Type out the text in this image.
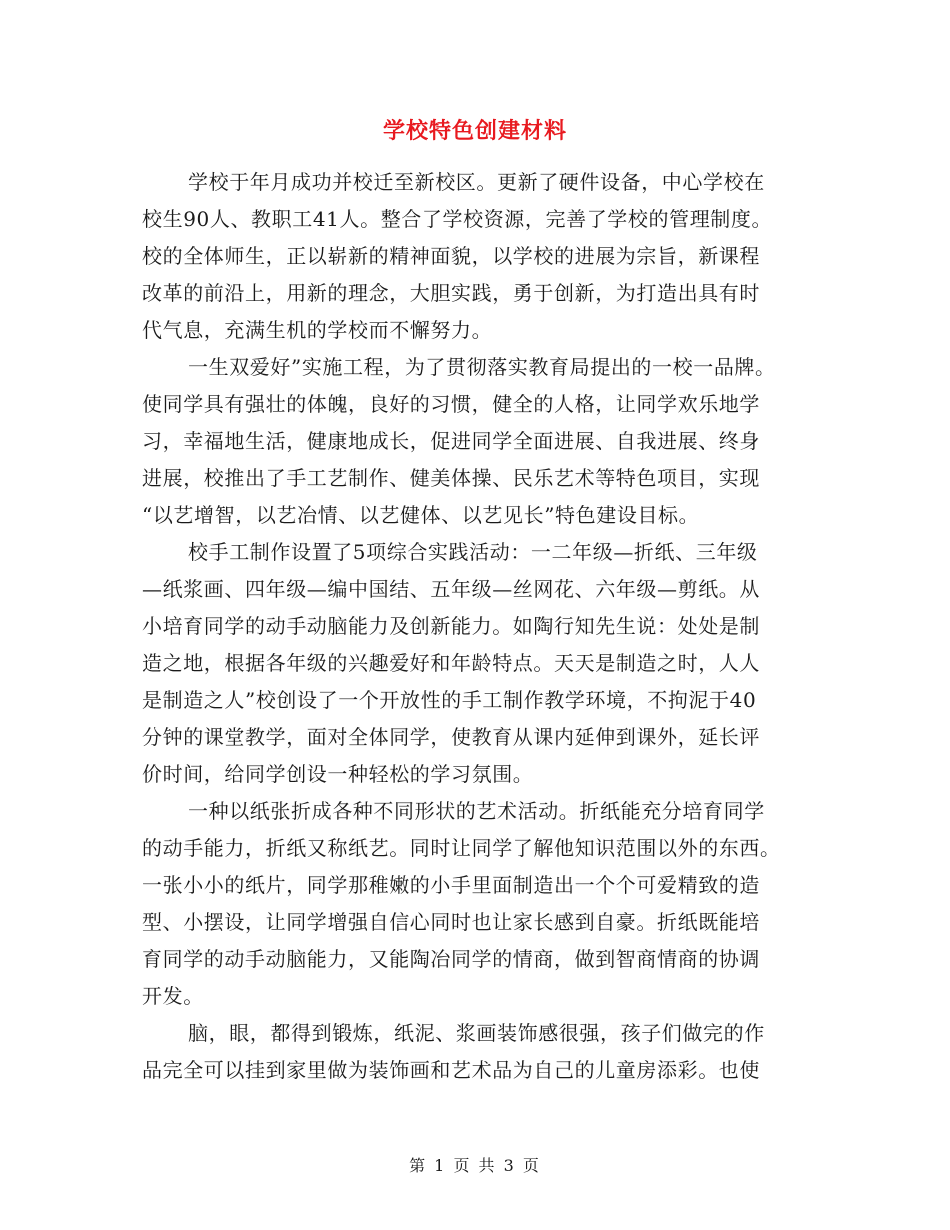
学校特色创建材料
学校于年月成功并校迁至新校区。更新了硬件设备，中心学校在
校生90人、教职工41人。整合了学校资源，完善了学校的管理制度。
校的全体师生，正以崭新的精神面貌，以学校的进展为宗旨，新课程
改革的前沿上，用新的理念，大胆实践，勇于创新，为打造出具有时
代气息，充满生机的学校而不懈努力。
一生双爱好”实施工程，为了贯彻落实教育局提出的一校一品牌。
使同学具有强壮的体魄，良好的习惯，健全的人格，让同学欢乐地学
习，幸福地生活，健康地成长，促进同学全面进展、自我进展、终身
进展，校推出了手工艺制作、健美体操、民乐艺术等特色项目，实现
“以艺增智，以艺冶情、以艺健体、以艺见长”特色建设目标。
校手工制作设置了5项综合实践活动：一二年级—折纸、三年级
—纸浆画、四年级—编中国结、五年级—丝网花、六年级—剪纸。从
小培育同学的动手动脑能力及创新能力。如陶行知先生说：处处是制
造之地，根据各年级的兴趣爱好和年龄特点。天天是制造之时，人人
是制造之人”校创设了一个开放性的手工制作教学环境，不拘泥于40
分钟的课堂教学，面对全体同学，使教育从课内延伸到课外，延长评
价时间，给同学创设一种轻松的学习氛围。
一种以纸张折成各种不同形状的艺术活动。折纸能充分培育同学
的动手能力，折纸又称纸艺。同时让同学了解他知识范围以外的东西。
一张小小的纸片，同学那稚嫩的小手里面制造出一个个可爱精致的造
型、小摆设，让同学增强自信心同时也让家长感到自豪。折纸既能培
育同学的动手动脑能力，又能陶冶同学的情商，做到智商情商的协调
开发。
脑，眼，都得到锻炼，纸泥、浆画装饰感很强，孩子们做完的作
品完全可以挂到家里做为装饰画和艺术品为自己的儿童房添彩。也使
第 1 页 共 3 页
